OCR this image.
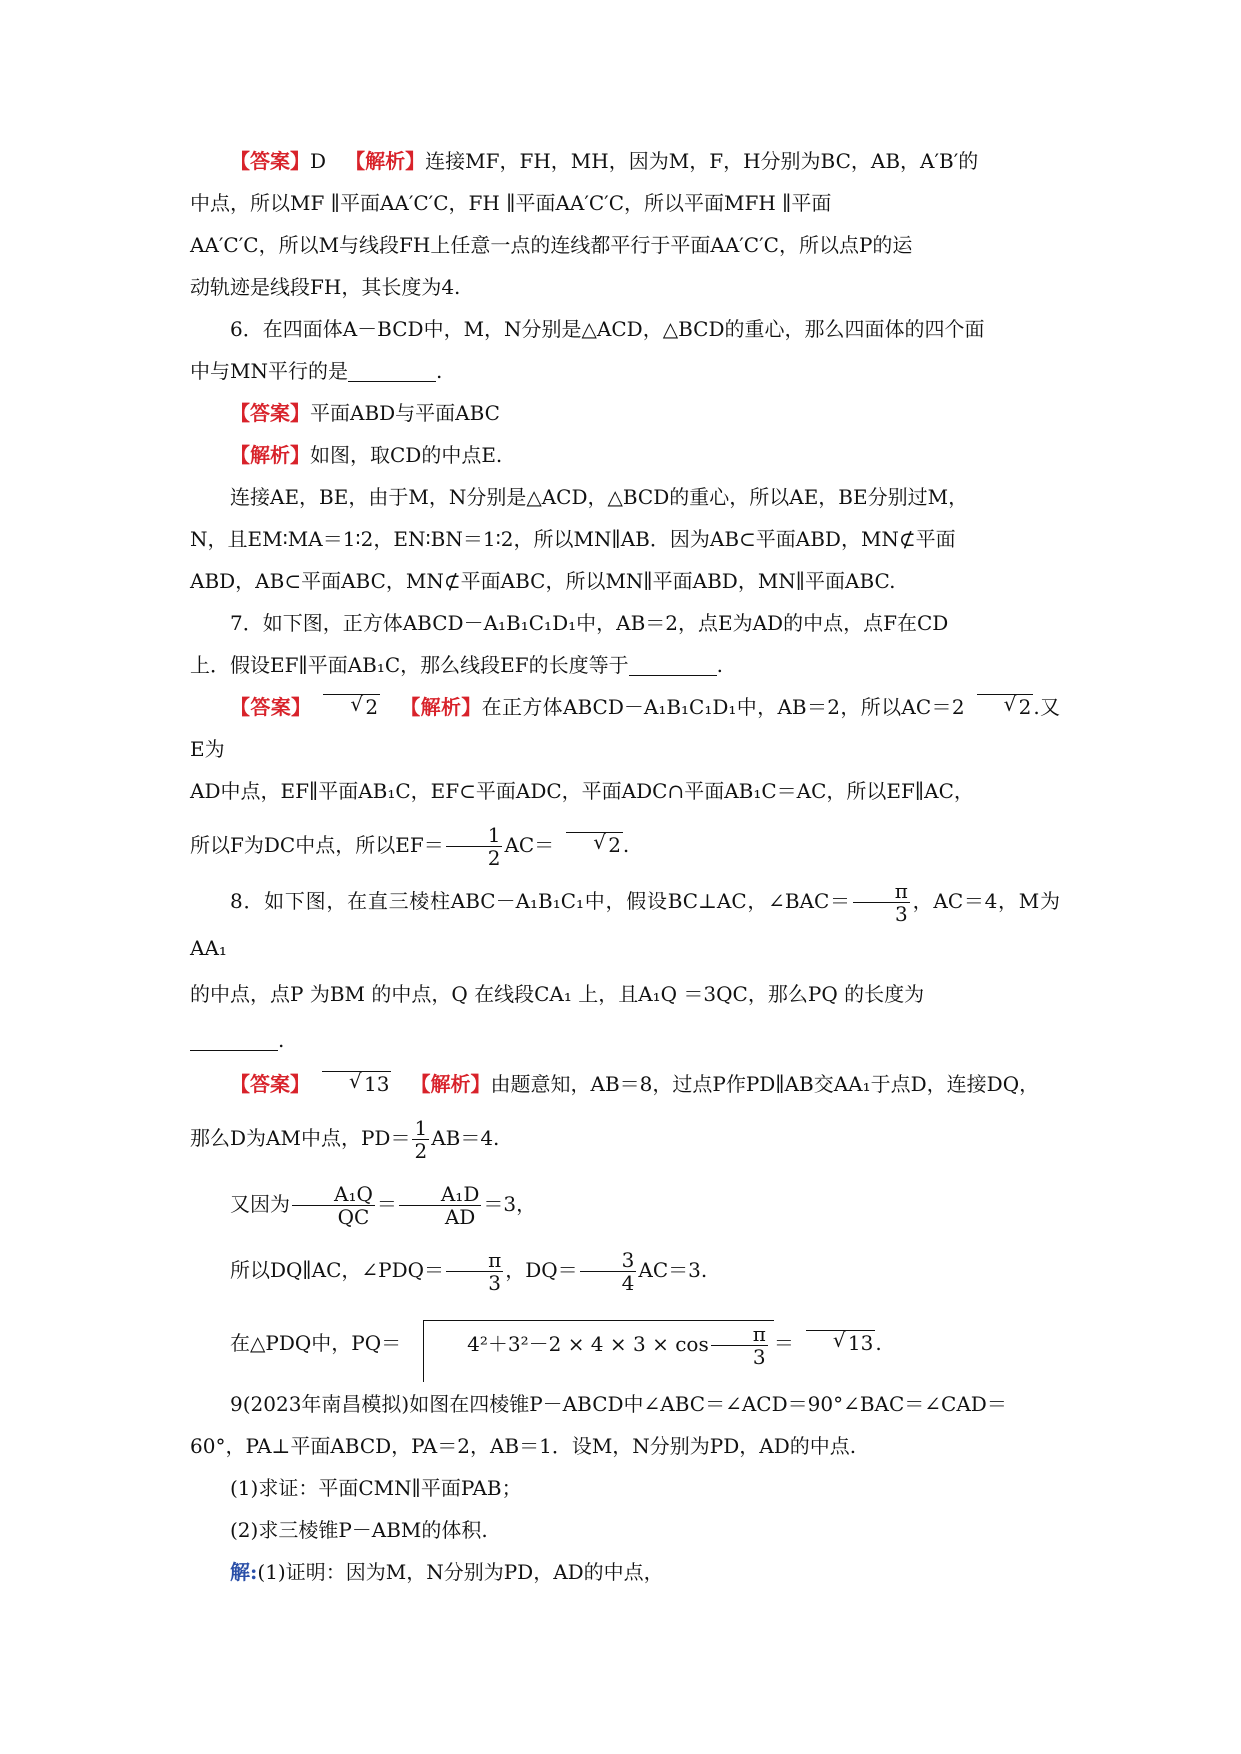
【答案】D 【解析】连接MF，FH，MH，因为M，F，H分别为BC，AB，A′B′的
中点，所以MF ∥平面AA′C′C，FH ∥平面AA′C′C，所以平面MFH ∥平面
AA′C′C，所以M与线段FH上任意一点的连线都平行于平面AA′C′C，所以点P的运
动轨迹是线段FH，其长度为4.

6．在四面体A－BCD中，M，N分别是△ACD，△BCD的重心，那么四面体的四个面
中与MN平行的是	.

【答案】平面ABD与平面ABC

【解析】如图，取CD的中点E.

连接AE，BE，由于M，N分别是△ACD，△BCD的重心，所以AE，BE分别过M，
N，且EM∶MA＝1∶2，EN∶BN＝1∶2，所以MN∥AB．因为AB⊂平面ABD，MN⊄平面
ABD，AB⊂平面ABC，MN⊄平面ABC，所以MN∥平面ABD，MN∥平面ABC.

7．如下图，正方体ABCD－A₁B₁C₁D₁中，AB＝2，点E为AD的中点，点F在CD
上．假设EF∥平面AB₁C，那么线段EF的长度等于	.

【答案】√	2 【解析】在正方体ABCD－A₁B₁C₁D₁中，AB＝2，所以AC＝2√	2 .又E为
AD中点，EF∥平面AB₁C，EF⊂平面ADC，平面ADC∩平面AB₁C＝AC，所以EF∥AC，
所以F为DC中点，所以$EF= \frac{1}{2} AC=√$	2 .

8．如下图，在直三棱柱ABC－A₁B₁C₁中，假设BC⊥AC，∠BAC＝ $\frac{\pi}{3}$ ，AC＝4，M为AA₁
的中点，点P 为BM 的中点，Q 在线段CA₁ 上，且A₁Q ＝3QC，那么PQ 的长度为
.

【答案】√	13 【解析】由题意知，AB＝8，过点P作PD∥AB交AA₁于点D，连接DQ，

那么D为AM中点，$PD= \frac{1}{2} AB=4$.

又因为 $\frac{\text{A₁Q}}{QC} = \frac{\text{A₁D}}{AD} =3$，

所以DQ∥AC，∠PDQ＝ $\frac{\pi}{3}$ ，$DQ= \frac{3}{4} AC=3$.

在△PDQ中，PQ＝	$4^2+3^2-2 \times 4 \times 3 \times \cos \frac{\pi}{3}$ ＝√	13 .

9(2023年南昌模拟)如图在四棱锥P－ABCD中∠ABC＝∠ACD＝90°∠BAC＝∠CAD＝
60°，PA⊥平面ABCD，PA＝2，AB＝1．设M，N分别为PD，AD的中点.

(1)求证：平面CMN∥平面PAB；

(2)求三棱锥P－ABM的体积.

解:(1)证明：因为M，N分别为PD，AD的中点，
